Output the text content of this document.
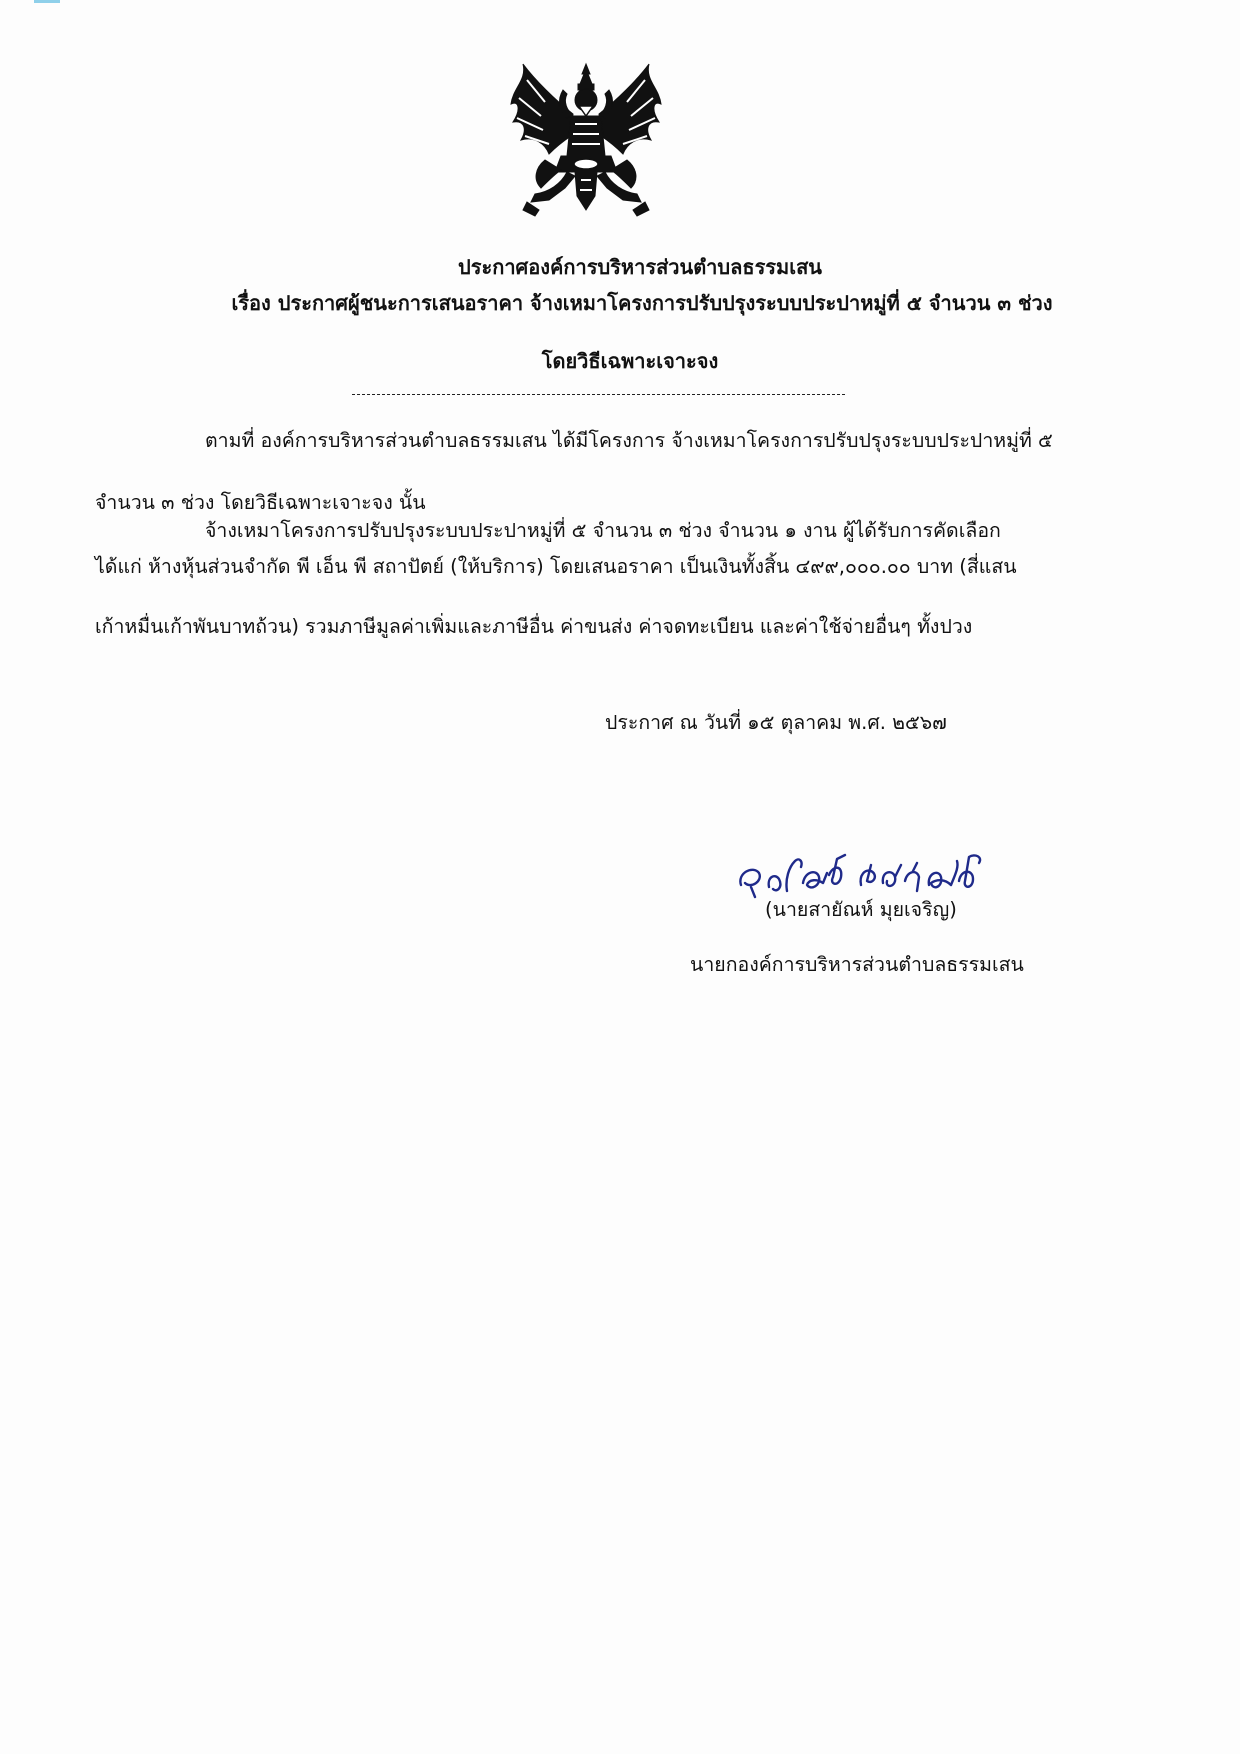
ประกาศองค์การบริหารส่วนตำบลธรรมเสน
เรื่อง ประกาศผู้ชนะการเสนอราคา จ้างเหมาโครงการปรับปรุงระบบประปาหมู่ที่ ๕ จำนวน ๓ ช่วง
โดยวิธีเฉพาะเจาะจง
ตามที่ องค์การบริหารส่วนตำบลธรรมเสน ได้มีโครงการ จ้างเหมาโครงการปรับปรุงระบบประปาหมู่ที่ ๕
จำนวน ๓ ช่วง โดยวิธีเฉพาะเจาะจง นั้น
จ้างเหมาโครงการปรับปรุงระบบประปาหมู่ที่ ๕ จำนวน ๓ ช่วง จำนวน ๑ งาน ผู้ได้รับการคัดเลือก
ได้แก่ ห้างหุ้นส่วนจำกัด พี เอ็น พี สถาปัตย์ (ให้บริการ) โดยเสนอราคา เป็นเงินทั้งสิ้น ๔๙๙,๐๐๐.๐๐ บาท (สี่แสน
เก้าหมื่นเก้าพันบาทถ้วน) รวมภาษีมูลค่าเพิ่มและภาษีอื่น ค่าขนส่ง ค่าจดทะเบียน และค่าใช้จ่ายอื่นๆ ทั้งปวง
ประกาศ ณ วันที่ ๑๕ ตุลาคม พ.ศ. ๒๕๖๗
(นายสายัณห์ มุยเจริญ)
นายกองค์การบริหารส่วนตำบลธรรมเสน
